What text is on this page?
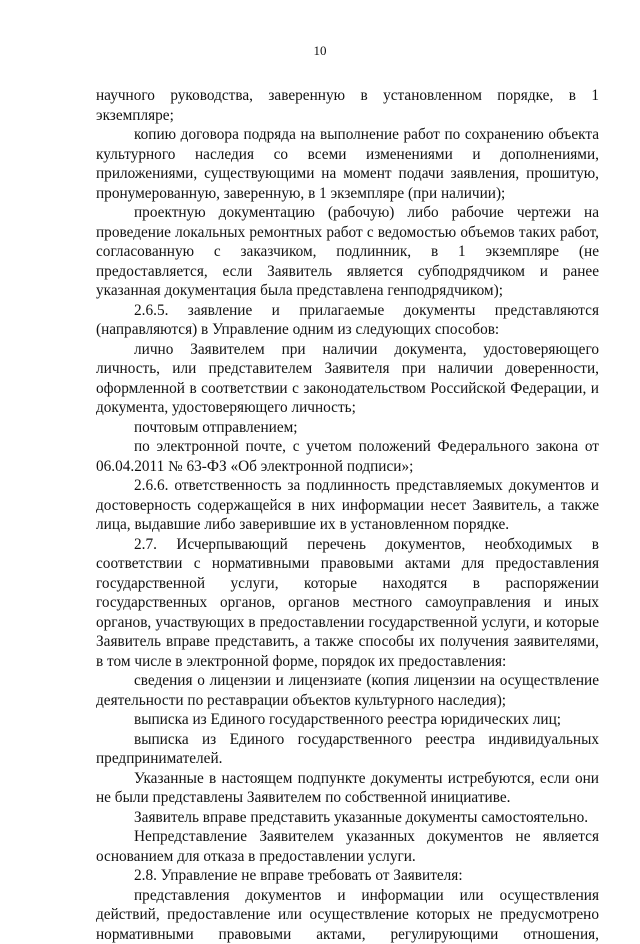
10

научного руководства, заверенную в установленном порядке, в 1 экземпляре;

копию договора подряда на выполнение работ по сохранению объекта культурного наследия со всеми изменениями и дополнениями, приложениями, существующими на момент подачи заявления, прошитую, пронумерованную, заверенную, в 1 экземпляре (при наличии);

проектную документацию (рабочую) либо рабочие чертежи на проведение локальных ремонтных работ с ведомостью объемов таких работ, согласованную с заказчиком, подлинник, в 1 экземпляре (не предоставляется, если Заявитель является субподрядчиком и ранее указанная документация была представлена генподрядчиком);

2.6.5. заявление и прилагаемые документы представляются (направляются) в Управление одним из следующих способов:

лично Заявителем при наличии документа, удостоверяющего личность, или представителем Заявителя при наличии доверенности, оформленной в соответствии с законодательством Российской Федерации, и документа, удостоверяющего личность;

почтовым отправлением;

по электронной почте, с учетом положений Федерального закона от 06.04.2011 № 63-ФЗ «Об электронной подписи»;

2.6.6. ответственность за подлинность представляемых документов и достоверность содержащейся в них информации несет Заявитель, а также лица, выдавшие либо заверившие их в установленном порядке.

2.7. Исчерпывающий перечень документов, необходимых в соответствии с нормативными правовыми актами для предоставления государственной услуги, которые находятся в распоряжении государственных органов, органов местного самоуправления и иных органов, участвующих в предоставлении государственной услуги, и которые Заявитель вправе представить, а также способы их получения заявителями, в том числе в электронной форме, порядок их предоставления:

сведения о лицензии и лицензиате (копия лицензии на осуществление деятельности по реставрации объектов культурного наследия);

выписка из Единого государственного реестра юридических лиц;

выписка из Единого государственного реестра индивидуальных предпринимателей.

Указанные в настоящем подпункте документы истребуются, если они не были представлены Заявителем по собственной инициативе.

Заявитель вправе представить указанные документы самостоятельно.

Непредставление Заявителем указанных документов не является основанием для отказа в предоставлении услуги.

2.8. Управление не вправе требовать от Заявителя:

представления документов и информации или осуществления действий, предоставление или осуществление которых не предусмотрено нормативными правовыми актами, регулирующими отношения,
